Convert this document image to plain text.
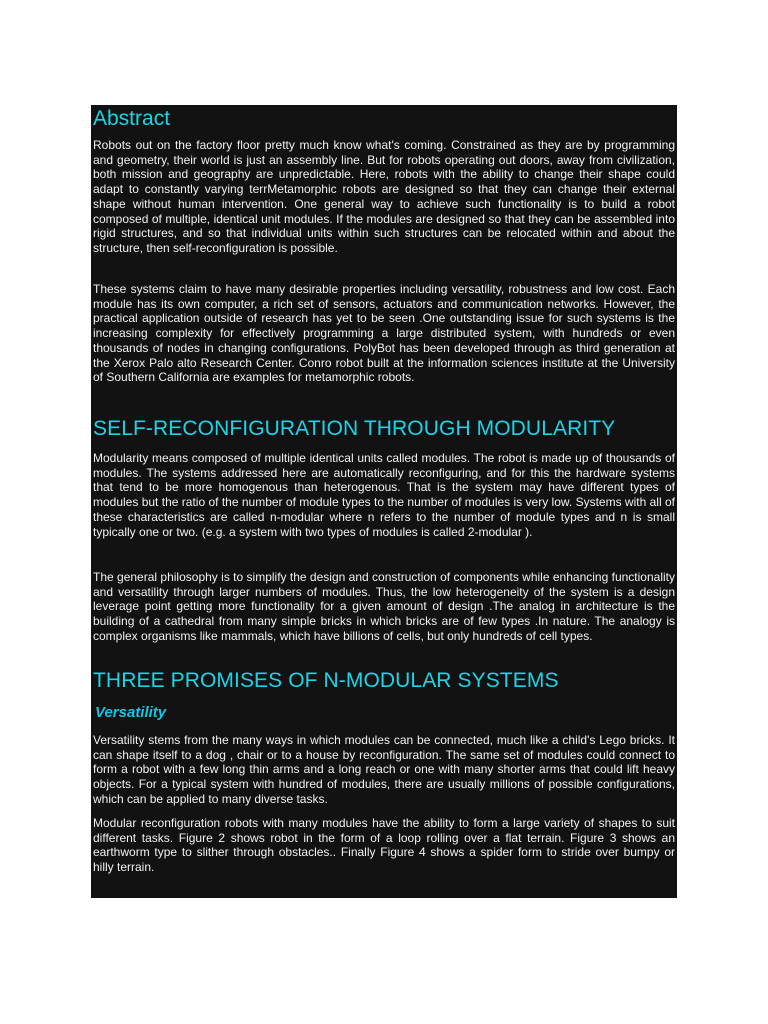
Abstract

Robots out on the factory floor pretty much know what's coming. Constrained as they are by programming and geometry, their world is just an assembly line. But for robots operating out doors, away from civilization, both mission and geography are unpredictable. Here, robots with the ability to change their shape could adapt to constantly varying terrMetamorphic robots are designed so that they can change their external shape without human intervention. One general way to achieve such functionality is to build a robot composed of multiple, identical unit modules. If the modules are designed so that they can be assembled into rigid structures, and so that individual units within such structures can be relocated within and about the structure, then self-reconfiguration is possible.

These systems claim to have many desirable properties including versatility, robustness and low cost. Each module has its own computer, a rich set of sensors, actuators and communication networks. However, the practical application outside of research has yet to be seen .One outstanding issue for such systems is the increasing complexity for effectively programming a large distributed system, with hundreds or even thousands of nodes in changing configurations. PolyBot has been developed through as third generation at the Xerox Palo alto Research Center. Conro robot built at the information sciences institute at the University of Southern California are examples for metamorphic robots.

SELF-RECONFIGURATION THROUGH MODULARITY

Modularity means composed of multiple identical units called modules. The robot is made up of thousands of modules. The systems addressed here are automatically reconfiguring, and for this the hardware systems that tend to be more homogenous than heterogenous. That is the system may have different types of modules but the ratio of the number of module types to the number of modules is very low. Systems with all of these characteristics are called n-modular where n refers to the number of module types and n is small typically one or two. (e.g. a system with two types of modules is called 2-modular ).

The general philosophy is to simplify the design and construction of components while enhancing functionality and versatility through larger numbers of modules. Thus, the low heterogeneity of the system is a design leverage point getting more functionality for a given amount of design .The analog in architecture is the building of a cathedral from many simple bricks in which bricks are of few types .In nature. The analogy is complex organisms like mammals, which have billions of cells, but only hundreds of cell types.

THREE PROMISES OF N-MODULAR SYSTEMS
Versatility

Versatility stems from the many ways in which modules can be connected, much like a child's Lego bricks. It can shape itself to a dog , chair or to a house by reconfiguration. The same set of modules could connect to form a robot with a few long thin arms and a long reach or one with many shorter arms that could lift heavy objects. For a typical system with hundred of modules, there are usually millions of possible configurations, which can be applied to many diverse tasks.

Modular reconfiguration robots with many modules have the ability to form a large variety of shapes to suit different tasks. Figure 2 shows robot in the form of a loop rolling over a flat terrain. Figure 3 shows an earthworm type to slither through obstacles.. Finally Figure 4 shows a spider form to stride over bumpy or hilly terrain.
